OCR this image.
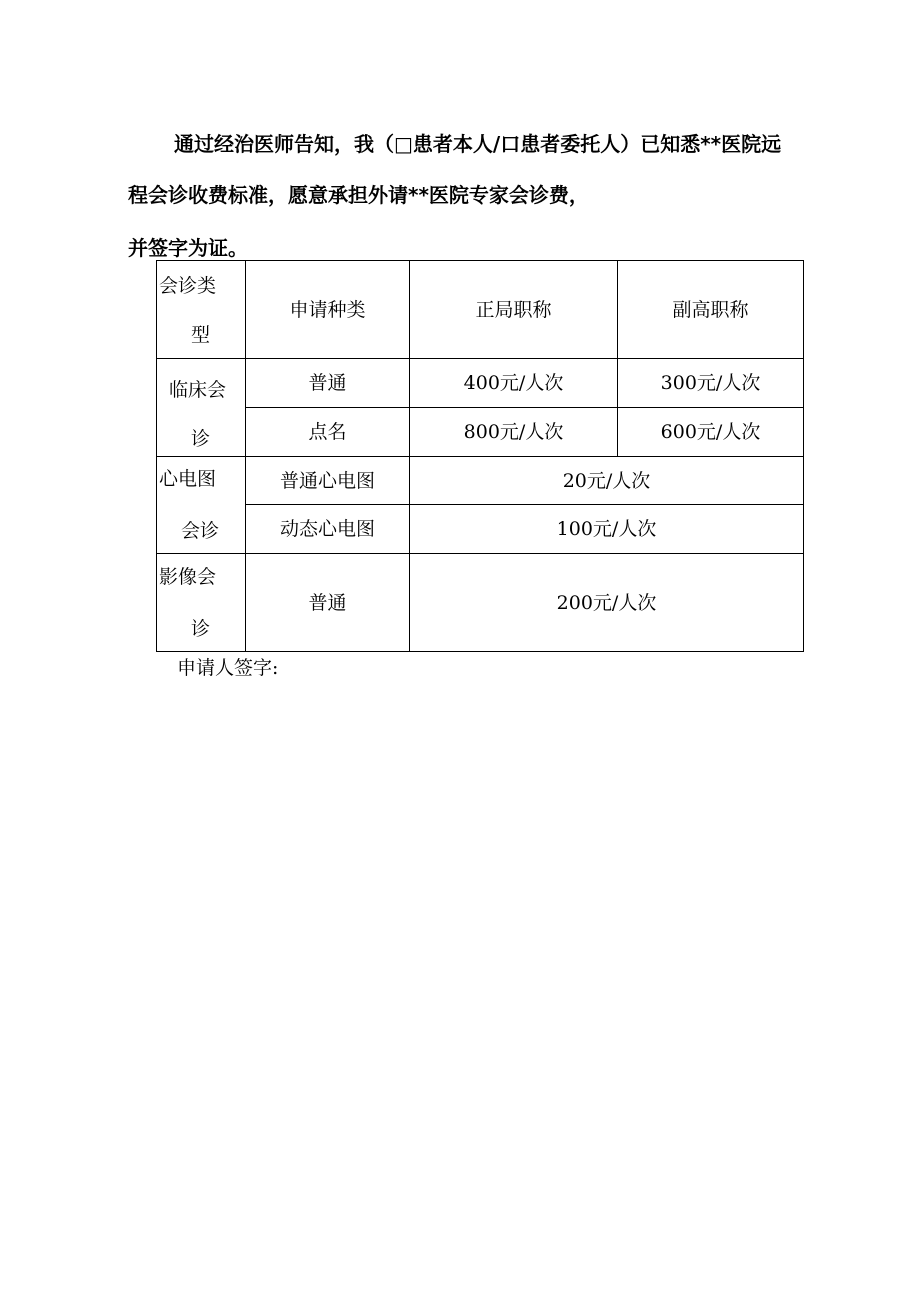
通过经治医师告知，我（□患者本人/口患者委托人）已知悉**医院远

程会诊收费标准，愿意承担外请**医院专家会诊费，

并签字为证。

会诊类
型	申请种类	正局职称	副高职称

临床会
诊	普通	400元/人次	300元/人次
	点名	800元/人次	600元/人次

心电图
会诊	普通心电图	20元/人次	
	动态心电图	100元/人次	

影像会
诊	普通	200元/人次	

申请人签字:
